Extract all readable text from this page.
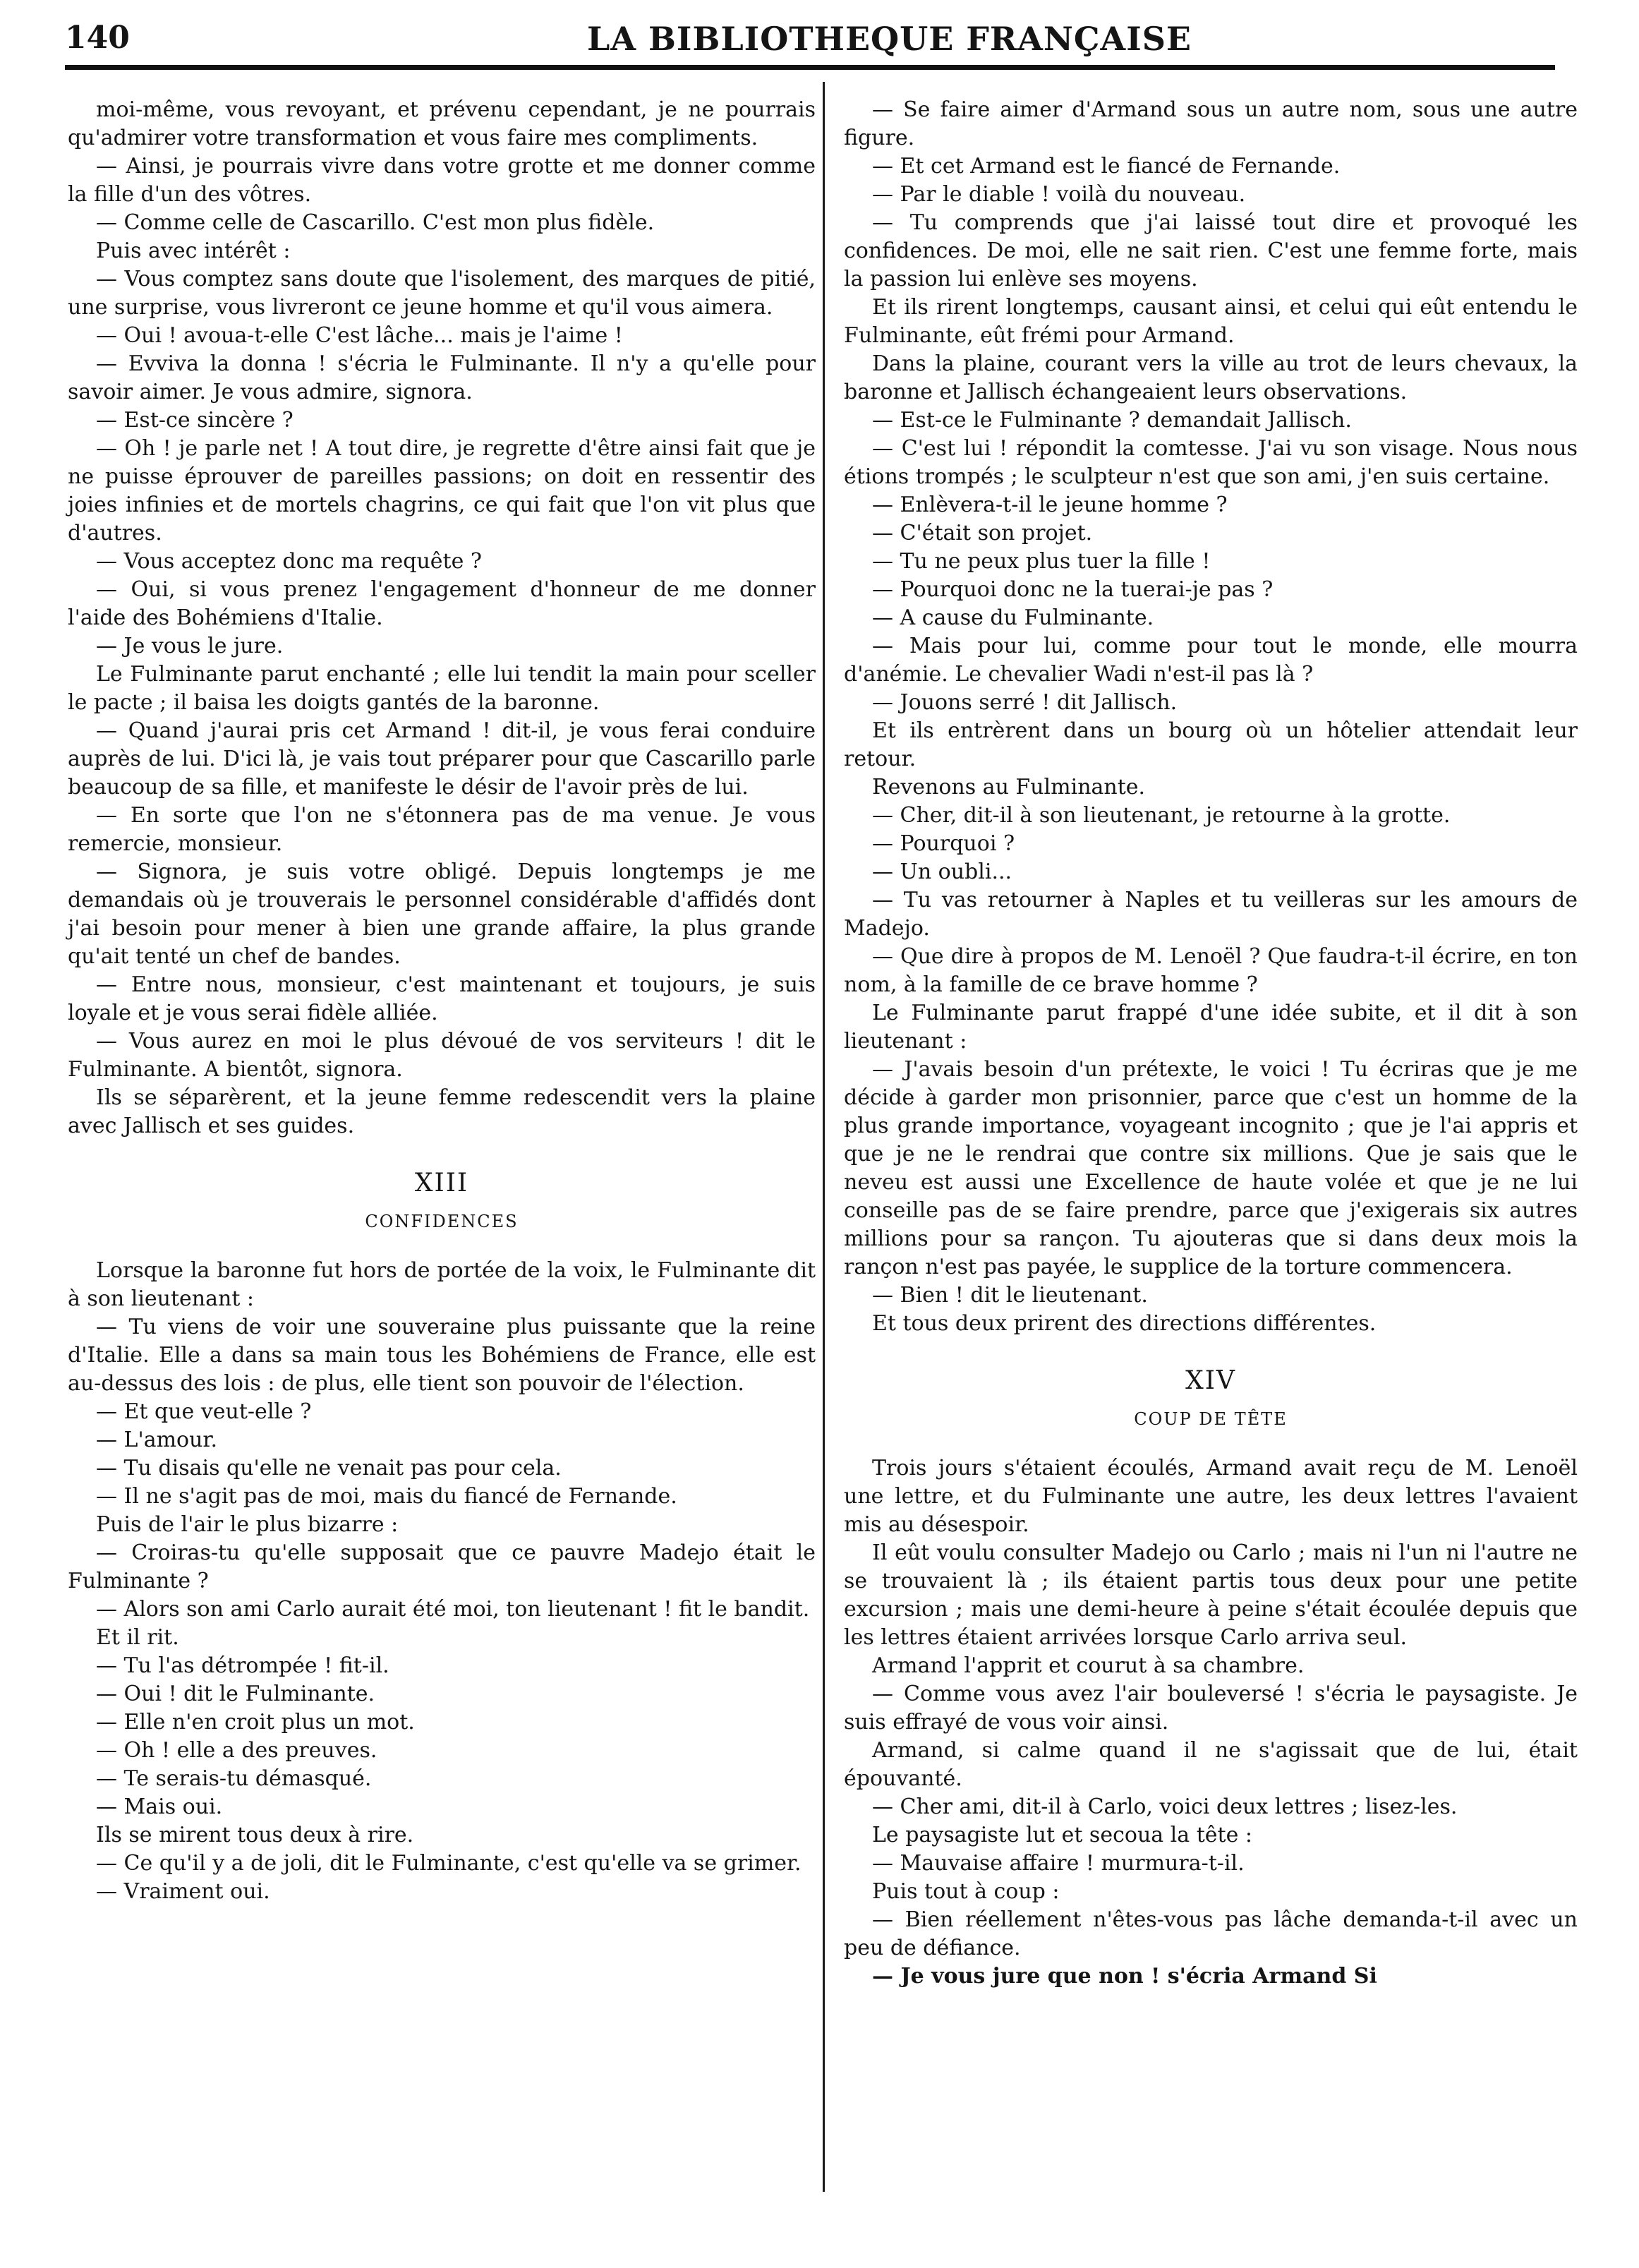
140	LA BIBLIOTHEQUE FRANÇAISE

moi-même, vous revoyant, et prévenu cependant, je ne pourrais qu'admirer votre transformation et vous faire mes compliments.

— Ainsi, je pourrais vivre dans votre grotte et me donner comme la fille d'un des vôtres.

— Comme celle de Cascarillo. C'est mon plus fidèle.

Puis avec intérêt :

— Vous comptez sans doute que l'isolement, des marques de pitié, une surprise, vous livreront ce jeune homme et qu'il vous aimera.

— Oui ! avoua-t-elle C'est lâche... mais je l'aime !

— Evviva la donna ! s'écria le Fulminante. Il n'y a qu'elle pour savoir aimer. Je vous admire, signora.

— Est-ce sincère ?

— Oh ! je parle net ! A tout dire, je regrette d'être ainsi fait que je ne puisse éprouver de pareilles passions; on doit en ressentir des joies infinies et de mortels chagrins, ce qui fait que l'on vit plus que d'autres.

— Vous acceptez donc ma requête ?

— Oui, si vous prenez l'engagement d'honneur de me donner l'aide des Bohémiens d'Italie.

— Je vous le jure.

Le Fulminante parut enchanté ; elle lui tendit la main pour sceller le pacte ; il baisa les doigts gantés de la baronne.

— Quand j'aurai pris cet Armand ! dit-il, je vous ferai conduire auprès de lui. D'ici là, je vais tout préparer pour que Cascarillo parle beaucoup de sa fille, et manifeste le désir de l'avoir près de lui.

— En sorte que l'on ne s'étonnera pas de ma venue. Je vous remercie, monsieur.

— Signora, je suis votre obligé. Depuis longtemps je me demandais où je trouverais le personnel considérable d'affidés dont j'ai besoin pour mener à bien une grande affaire, la plus grande qu'ait tenté un chef de bandes.

— Entre nous, monsieur, c'est maintenant et toujours, je suis loyale et je vous serai fidèle alliée.

— Vous aurez en moi le plus dévoué de vos serviteurs ! dit le Fulminante. A bientôt, signora.

Ils se séparèrent, et la jeune femme redescendit vers la plaine avec Jallisch et ses guides.

XIII
CONFIDENCES

Lorsque la baronne fut hors de portée de la voix, le Fulminante dit à son lieutenant :

— Tu viens de voir une souveraine plus puissante que la reine d'Italie. Elle a dans sa main tous les Bohémiens de France, elle est au-dessus des lois : de plus, elle tient son pouvoir de l'élection.

— Et que veut-elle ?

— L'amour.

— Tu disais qu'elle ne venait pas pour cela.

— Il ne s'agit pas de moi, mais du fiancé de Fernande.

Puis de l'air le plus bizarre :

— Croiras-tu qu'elle supposait que ce pauvre Madejo était le Fulminante ?

— Alors son ami Carlo aurait été moi, ton lieutenant ! fit le bandit.

Et il rit.

— Tu l'as détrompée ! fit-il.

— Oui ! dit le Fulminante.

— Elle n'en croit plus un mot.

— Oh ! elle a des preuves.

— Te serais-tu démasqué.

— Mais oui.

Ils se mirent tous deux à rire.

— Ce qu'il y a de joli, dit le Fulminante, c'est qu'elle va se grimer.

— Vraiment oui.

— Se faire aimer d'Armand sous un autre nom, sous une autre figure.

— Et cet Armand est le fiancé de Fernande.

— Par le diable ! voilà du nouveau.

— Tu comprends que j'ai laissé tout dire et provoqué les confidences. De moi, elle ne sait rien. C'est une femme forte, mais la passion lui enlève ses moyens.

Et ils rirent longtemps, causant ainsi, et celui qui eût entendu le Fulminante, eût frémi pour Armand.

Dans la plaine, courant vers la ville au trot de leurs chevaux, la baronne et Jallisch échangeaient leurs observations.

— Est-ce le Fulminante ? demandait Jallisch.

— C'est lui ! répondit la comtesse. J'ai vu son visage. Nous nous étions trompés ; le sculpteur n'est que son ami, j'en suis certaine.

— Enlèvera-t-il le jeune homme ?

— C'était son projet.

— Tu ne peux plus tuer la fille !

— Pourquoi donc ne la tuerai-je pas ?

— A cause du Fulminante.

— Mais pour lui, comme pour tout le monde, elle mourra d'anémie. Le chevalier Wadi n'est-il pas là ?

— Jouons serré ! dit Jallisch.

Et ils entrèrent dans un bourg où un hôtelier attendait leur retour.

Revenons au Fulminante.

— Cher, dit-il à son lieutenant, je retourne à la grotte.

— Pourquoi ?

— Un oubli...

— Tu vas retourner à Naples et tu veilleras sur les amours de Madejo.

— Que dire à propos de M. Lenoël ? Que faudra-t-il écrire, en ton nom, à la famille de ce brave homme ?

Le Fulminante parut frappé d'une idée subite, et il dit à son lieutenant :

— J'avais besoin d'un prétexte, le voici ! Tu écriras que je me décide à garder mon prisonnier, parce que c'est un homme de la plus grande importance, voyageant incognito ; que je l'ai appris et que je ne le rendrai que contre six millions. Que je sais que le neveu est aussi une Excellence de haute volée et que je ne lui conseille pas de se faire prendre, parce que j'exigerais six autres millions pour sa rançon. Tu ajouteras que si dans deux mois la rançon n'est pas payée, le supplice de la torture commencera.

— Bien ! dit le lieutenant.

Et tous deux prirent des directions différentes.

XIV
COUP DE TÊTE

Trois jours s'étaient écoulés, Armand avait reçu de M. Lenoël une lettre, et du Fulminante une autre, les deux lettres l'avaient mis au désespoir.

Il eût voulu consulter Madejo ou Carlo ; mais ni l'un ni l'autre ne se trouvaient là ; ils étaient partis tous deux pour une petite excursion ; mais une demi-heure à peine s'était écoulée depuis que les lettres étaient arrivées lorsque Carlo arriva seul.

Armand l'apprit et courut à sa chambre.

— Comme vous avez l'air bouleversé ! s'écria le paysagiste. Je suis effrayé de vous voir ainsi.

Armand, si calme quand il ne s'agissait que de lui, était épouvanté.

— Cher ami, dit-il à Carlo, voici deux lettres ; lisez-les.

Le paysagiste lut et secoua la tête :

— Mauvaise affaire ! murmura-t-il.

Puis tout à coup :

— Bien réellement n'êtes-vous pas lâche demanda-t-il avec un peu de défiance.

— Je vous jure que non ! s'écria Armand Si
